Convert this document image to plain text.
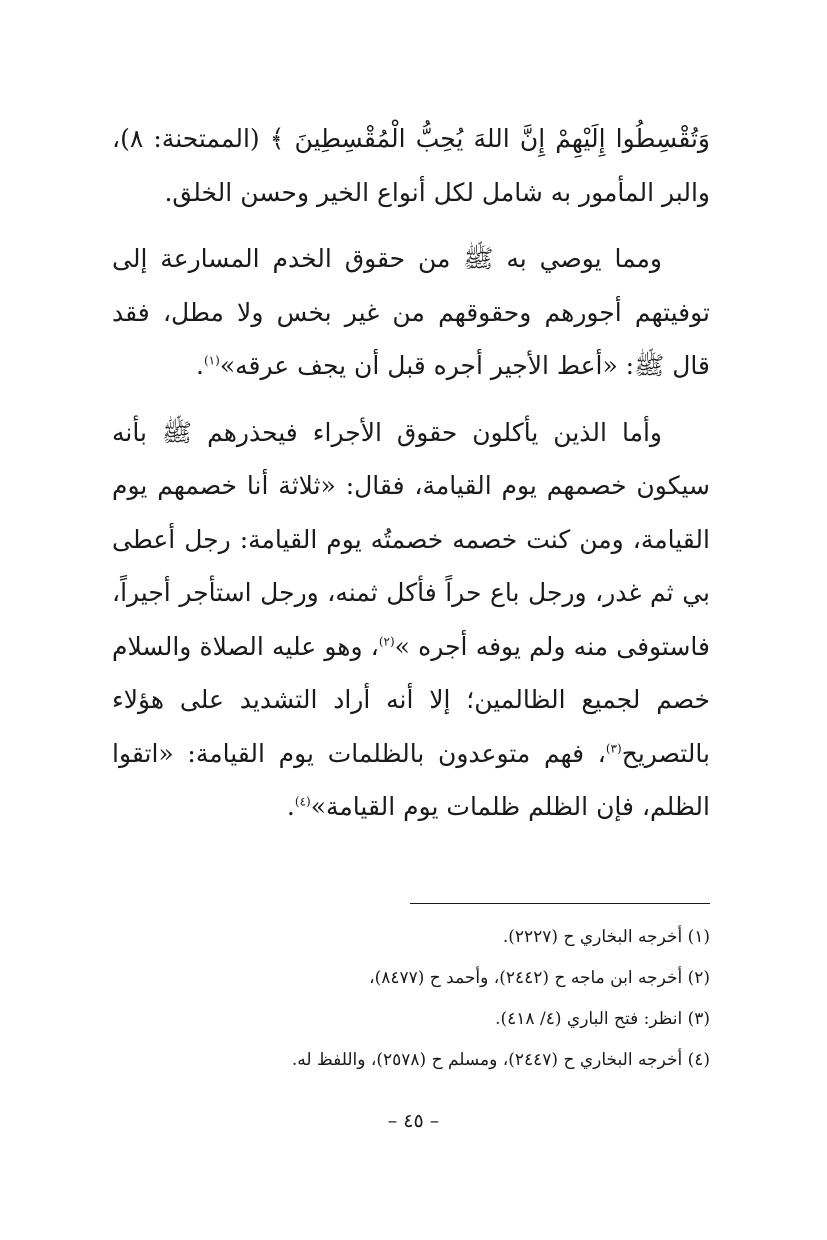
وَتُقْسِطُوا إِلَيْهِمْ إِنَّ اللهَ يُحِبُّ الْمُقْسِطِينَ ﴾ (الممتحنة: ٨)، والبر المأمور به شامل لكل أنواع الخير وحسن الخلق.

ومما يوصي به ﷺ من حقوق الخدم المسارعة إلى توفيتهم أجورهم وحقوقهم من غير بخس ولا مطل، فقد قال ﷺ: «أعط الأجير أجره قبل أن يجف عرقه»$^{(١)}$.

وأما الذين يأكلون حقوق الأجراء فيحذرهم ﷺ بأنه سيكون خصمهم يوم القيامة، فقال: «ثلاثة أنا خصمهم يوم القيامة، ومن كنت خصمه خصمتُه يوم القيامة: رجل أعطى بي ثم غدر، ورجل باع حراً فأكل ثمنه، ورجل استأجر أجيراً، فاستوفى منه ولم يوفه أجره »$^{(٢)}$، وهو عليه الصلاة والسلام خصم لجميع الظالمين؛ إلا أنه أراد التشديد على هؤلاء بالتصريح$^{(٣)}$، فهم متوعدون بالظلمات يوم القيامة: «اتقوا الظلم، فإن الظلم ظلمات يوم القيامة»$^{(٤)}$.

(١) أخرجه البخاري ح (٢٢٢٧).

(٢) أخرجه ابن ماجه ح (٢٤٤٢)، وأحمد ح (٨٤٧٧)،

(٣) انظر: فتح الباري (٤/ ٤١٨).

(٤) أخرجه البخاري ح (٢٤٤٧)، ومسلم ح (٢٥٧٨)، واللفظ له.

– ٤٥ –
